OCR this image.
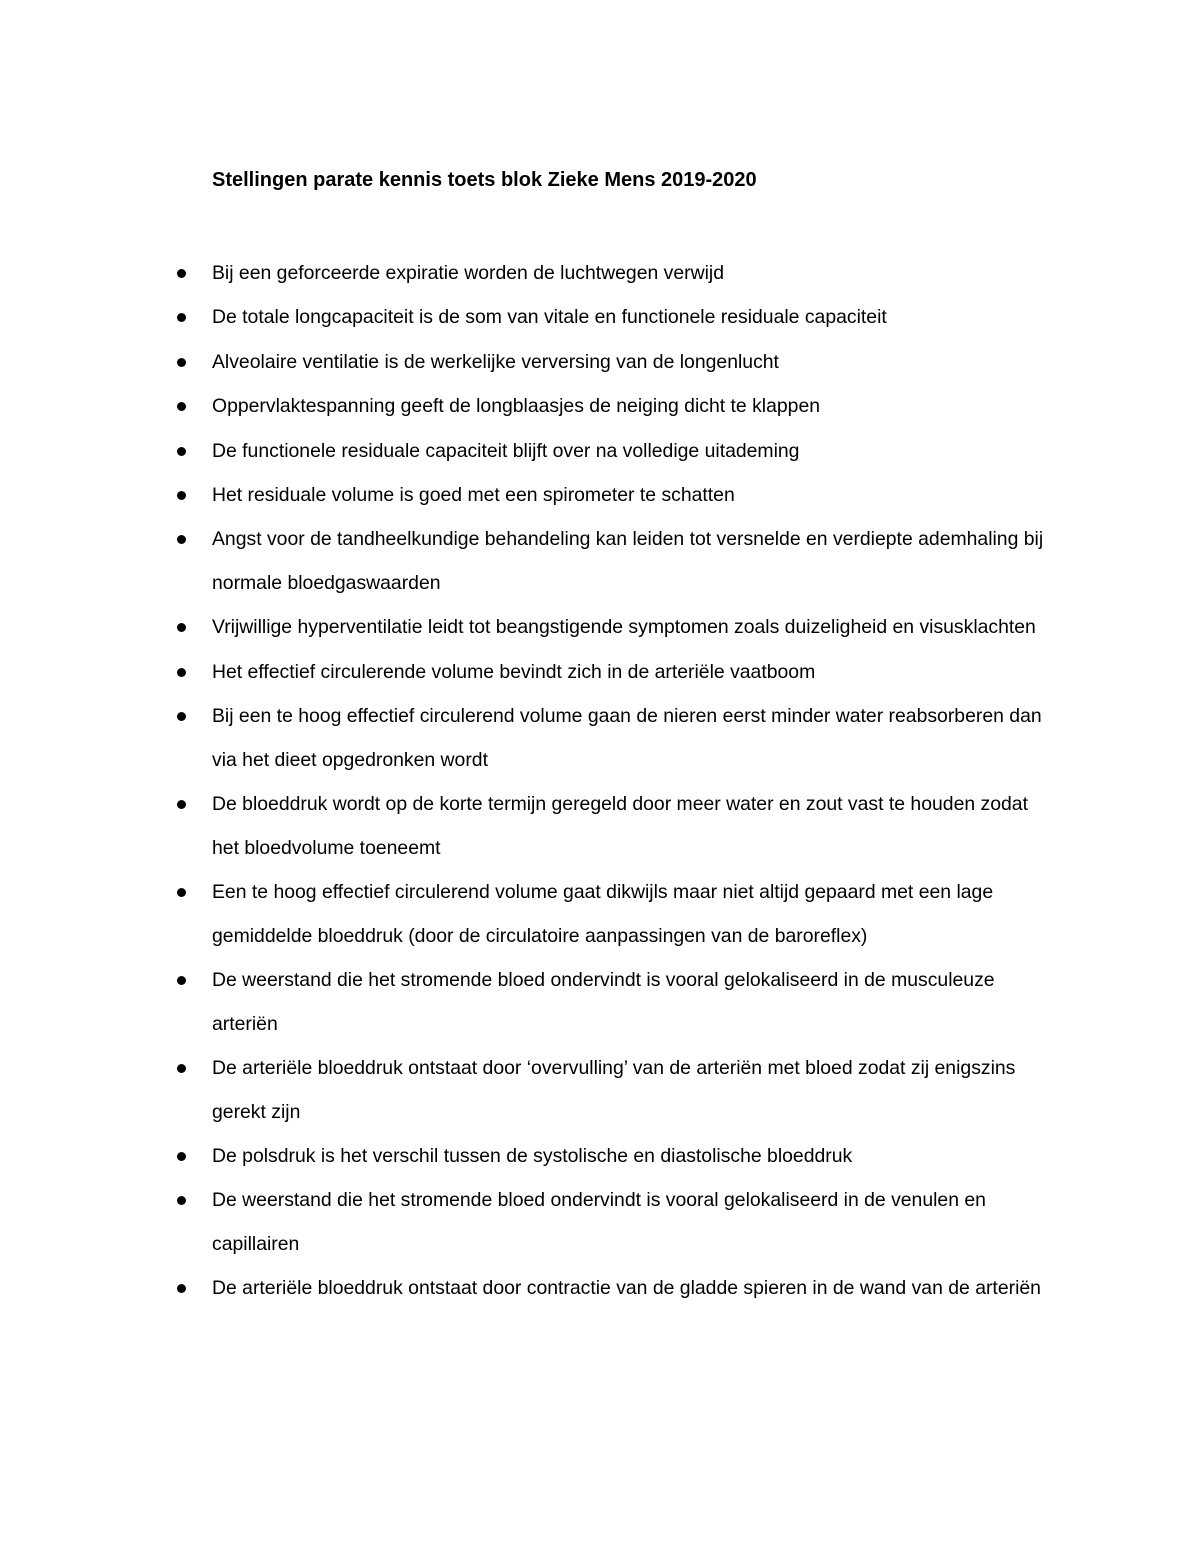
Stellingen parate kennis toets blok Zieke Mens 2019-2020
Bij een geforceerde expiratie worden de luchtwegen verwijd
De totale longcapaciteit is de som van vitale en functionele residuale capaciteit
Alveolaire ventilatie is de werkelijke verversing van de longenlucht
Oppervlaktespanning geeft de longblaasjes de neiging dicht te klappen
De functionele residuale capaciteit blijft over na volledige uitademing
Het residuale volume is goed met een spirometer te schatten
Angst voor de tandheelkundige behandeling kan leiden tot versnelde en verdiepte ademhaling bij normale bloedgaswaarden
Vrijwillige hyperventilatie leidt tot beangstigende symptomen zoals duizeligheid en visusklachten
Het effectief circulerende volume bevindt zich in de arteriële vaatboom
Bij een te hoog effectief circulerend volume gaan de nieren eerst minder water reabsorberen dan via het dieet opgedronken wordt
De bloeddruk wordt op de korte termijn geregeld door meer water en zout vast te houden zodat het bloedvolume toeneemt
Een te hoog effectief circulerend volume gaat dikwijls maar niet altijd gepaard met een lage gemiddelde bloeddruk (door de circulatoire aanpassingen van de baroreflex)
De weerstand die het stromende bloed ondervindt is vooral gelokaliseerd in de musculeuze arteriën
De arteriële bloeddruk ontstaat door ‘overvulling’ van de arteriën met bloed zodat zij enigszins gerekt zijn
De polsdruk is het verschil tussen de systolische en diastolische bloeddruk
De weerstand die het stromende bloed ondervindt is vooral gelokaliseerd in de venulen en capillairen
De arteriële bloeddruk ontstaat door contractie van de gladde spieren in de wand van de arteriën
